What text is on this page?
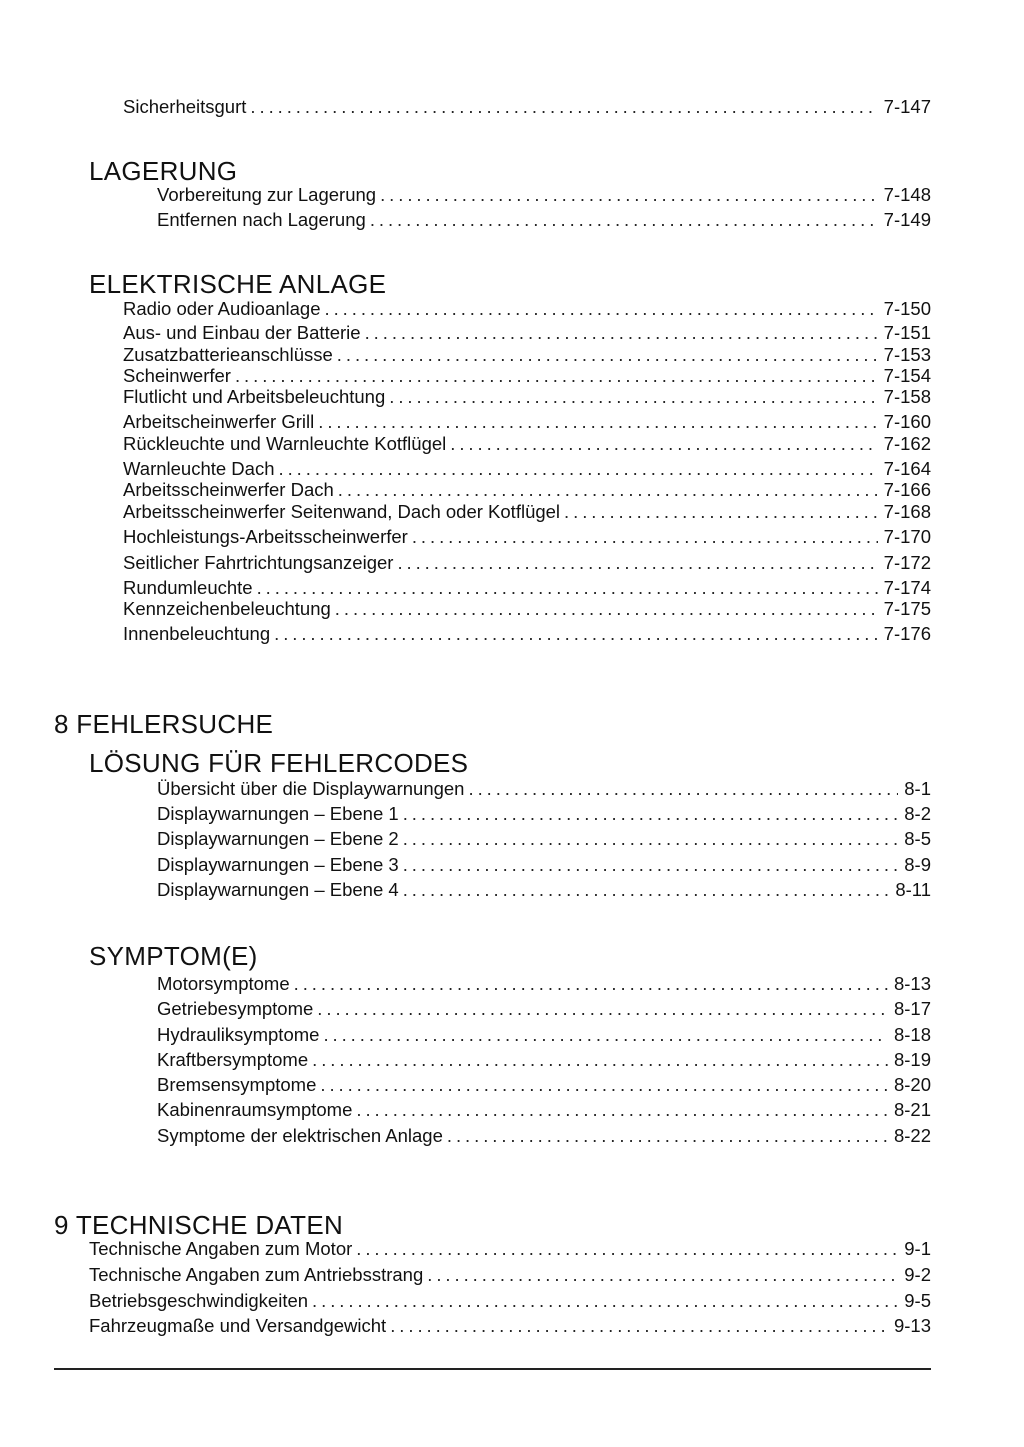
Sicherheitsgurt . . .	7-147
LAGERUNG
Vorbereitung zur Lagerung . . .	7-148
Entfernen nach Lagerung . . .	7-149
ELEKTRISCHE ANLAGE
Radio oder Audioanlage . . .	7-150
Aus- und Einbau der Batterie . . .	7-151
Zusatzbatterieanschlüsse . . .	7-153
Scheinwerfer . . .	7-154
Flutlicht und Arbeitsbeleuchtung . . .	7-158
Arbeitscheinwerfer Grill . . .	7-160
Rückleuchte und Warnleuchte Kotflügel . . .	7-162
Warnleuchte Dach . . .	7-164
Arbeitsscheinwerfer Dach . . .	7-166
Arbeitsscheinwerfer Seitenwand, Dach oder Kotflügel . . .	7-168
Hochleistungs-Arbeitsscheinwerfer . . .	7-170
Seitlicher Fahrtrichtungsanzeiger . . .	7-172
Rundumleuchte . . .	7-174
Kennzeichenbeleuchtung . . .	7-175
Innenbeleuchtung . . .	7-176
8 FEHLERSUCHE
LÖSUNG FÜR FEHLERCODES
Übersicht über die Displaywarnungen . . .	8-1
Displaywarnungen – Ebene 1 . . .	8-2
Displaywarnungen – Ebene 2 . . .	8-5
Displaywarnungen – Ebene 3 . . .	8-9
Displaywarnungen – Ebene 4 . . .	8-11
SYMPTOM(E)
Motorsymptome . . .	8-13
Getriebesymptome . . .	8-17
Hydrauliksymptome . . .	8-18
Kraftbersymptome . . .	8-19
Bremsensymptome . . .	8-20
Kabinenraumsymptome . . .	8-21
Symptome der elektrischen Anlage . . .	8-22
9 TECHNISCHE DATEN
Technische Angaben zum Motor . . .	9-1
Technische Angaben zum Antriebsstrang . . .	9-2
Betriebsgeschwindigkeiten . . .	9-5
Fahrzeugmaße und Versandgewicht . . .	9-13
